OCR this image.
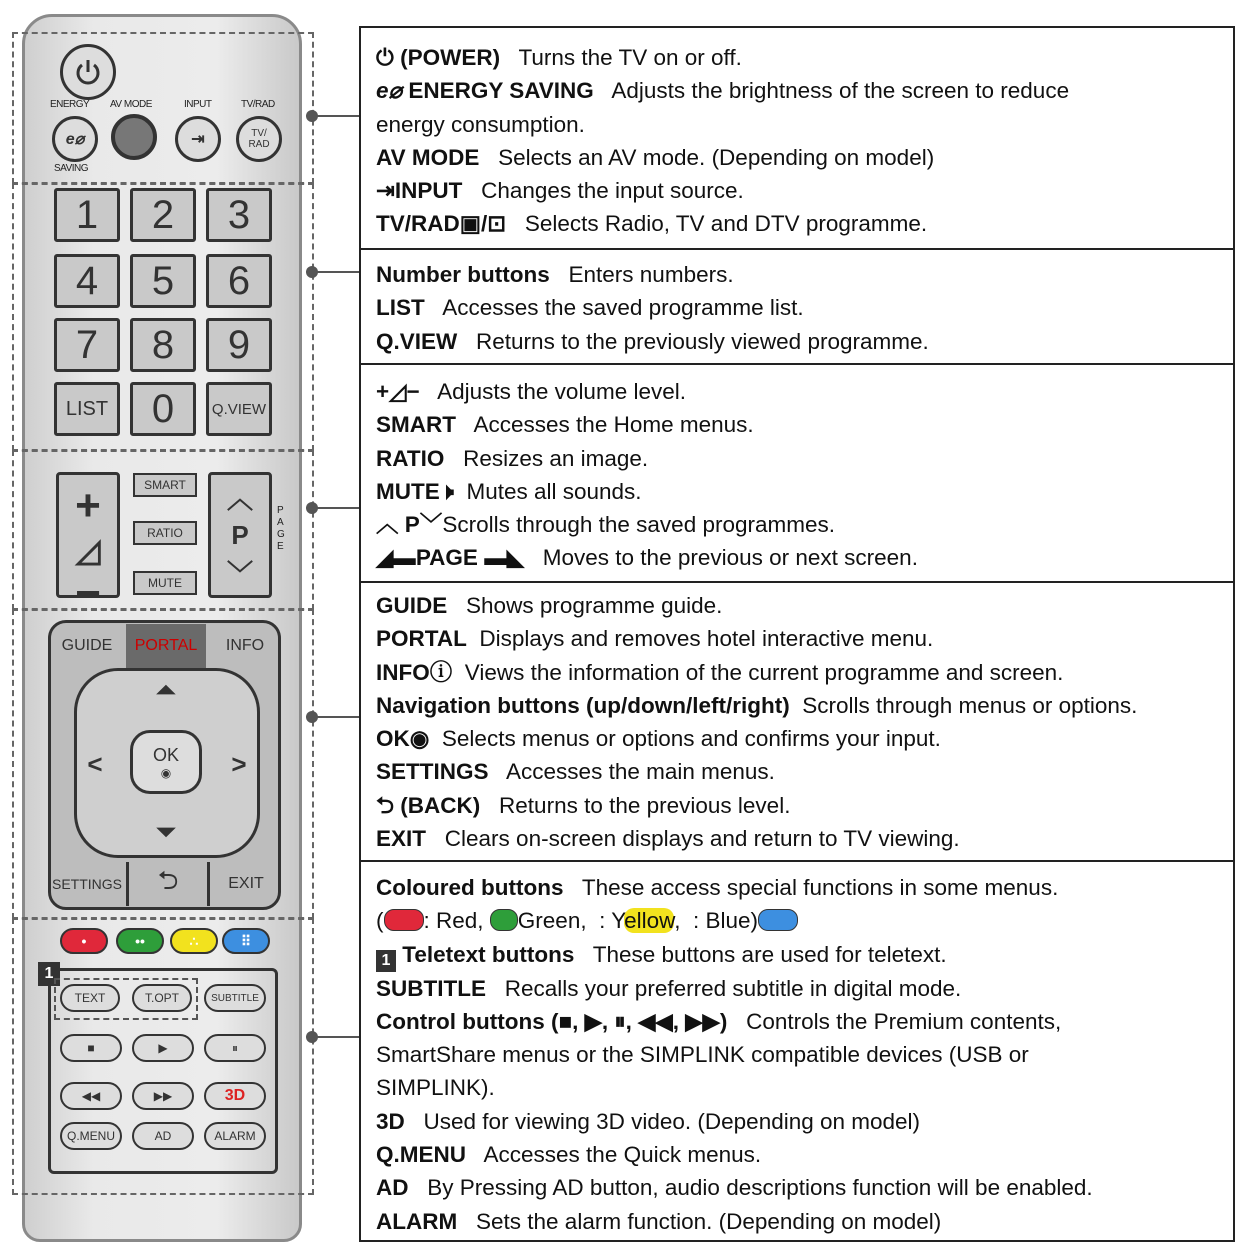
ENERGY AV MODE	INPUT	TV/RAD
SAVING
e⌀	⇥	TV/
RAD
1	2	3
4	5	6
7	8	9
LIST	0	Q.VIEW
+
◿
−
SMART
RATIO
MUTE
︿
P
﹀
PAGE
GUIDE	PORTAL	INFO
⏶
⏷
<	>
OK
◉
SETTINGS	⮌	EXIT
•	••	∴	⠿
1
TEXT	T.OPT	SUBTITLE
■	▶	⏸
◀◀	▶▶	3D
Q.MENU	AD	ALARM
⏻ (POWER) Turns the TV on or off.
e⌀ ENERGY SAVING Adjusts the brightness of the screen to reduce
energy consumption.
AV MODE Selects an AV mode. (Depending on model)
⇥INPUT Changes the input source.
TV/RAD▣/⊡ Selects Radio, TV and DTV programme.
Number buttons Enters numbers.
LIST Accesses the saved programme list.
Q.VIEW Returns to the previously viewed programme.
+◿− Adjusts the volume level.
SMART Accesses the Home menus.
RATIO Resizes an image.
MUTE🕨 Mutes all sounds.
︿ P﹀Scrolls through the saved programmes.
◢▬PAGE ▬◣ Moves to the previous or next screen.
GUIDE Shows programme guide.
PORTAL Displays and removes hotel interactive menu.
INFOⓘ Views the information of the current programme and screen.
Navigation buttons (up/down/left/right) Scrolls through menus or options.
OK◉ Selects menus or options and confirms your input.
SETTINGS Accesses the main menus.
⮌ (BACK) Returns to the previous level.
EXIT Clears on-screen displays and return to TV viewing.
Coloured buttons These access special functions in some menus.
( : Red, Green, : Yellow, : Blue)
1 Teletext buttons These buttons are used for teletext.
SUBTITLE Recalls your preferred subtitle in digital mode.
Control buttons (■, ▶, ⏸, ◀◀, ▶▶) Controls the Premium contents,
SmartShare menus or the SIMPLINK compatible devices (USB or
SIMPLINK).
3D Used for viewing 3D video. (Depending on model)
Q.MENU Accesses the Quick menus.
AD By Pressing AD button, audio descriptions function will be enabled.
ALARM Sets the alarm function. (Depending on model)
